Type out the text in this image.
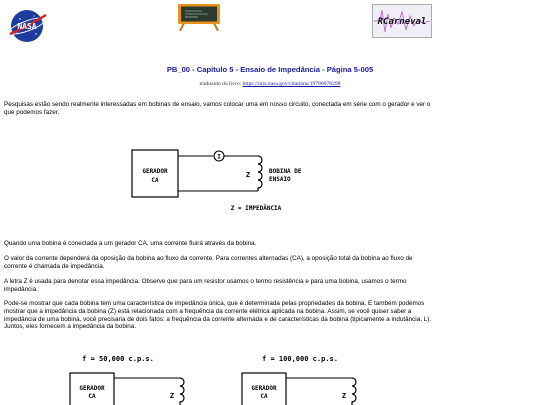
NASA	RCarneval
PB_00 - Capítulo 5 - Ensaio de Impedância - Página 5-005
traduzido do livro: https://ntrs.nasa.gov/citations/19780078298

Pesquisas estão sendo realmente interessadas em bobinas de ensaio, vamos colocar uma em nosso circuito, conectada em série com o gerador e ver o que podemos fazer.

GERADOR
CA
I
Z	BOBINA DE
ENSAIO
Z = IMPEDÂNCIA

Quando uma bobina é conectada a um gerador CA, uma corrente fluirá através da bobina.

O valor da corrente dependerá da oposição da bobina ao fluxo da corrente. Para correntes alternadas (CA), a oposição total da bobina ao fluxo de corrente é chamada de impedância.

A letra Z é usada para denotar essa impedância. Observe que para um resistor usamos o termo resistência e para uma bobina, usamos o termo impedância.

Pode-se mostrar que cada bobina tem uma característica de impedância única, que é determinada pelas propriedades da bobina. E também podemos mostrar que a impedância da bobina (Z) está relacionada com a frequência da corrente elétrica aplicada na bobina. Assim, se você quiser saber a impedância de uma bobina, você precisaria de dois fatos: a frequência da corrente alternada e de características da bobina (tipicamente a indutância, L). Juntos, eles fornecem a impedância da bobina.

f = 50,000 c.p.s.
GERADOR
CA	Z
f = 100,000 c.p.s.
GERADOR
CA	Z
